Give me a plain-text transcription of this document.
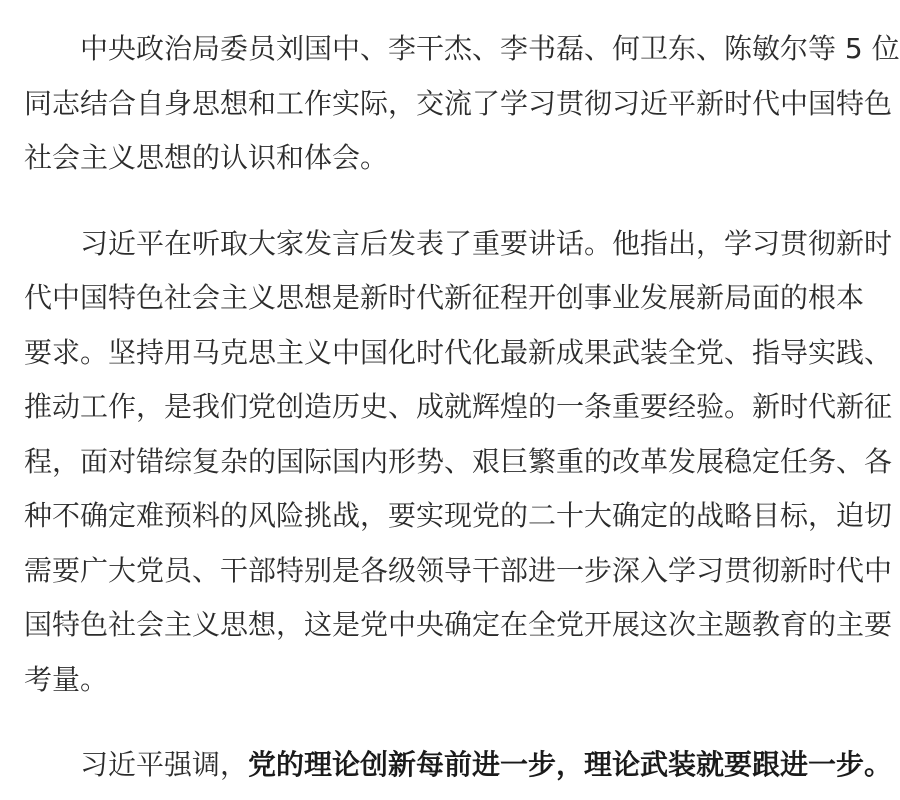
​
中央政治局委员刘国中、李干杰、李书磊、何卫东、陈敏尔等 5 位
同志结合自身思想和工作实际，交流了学习贯彻习近平新时代中国特色
社会主义思想的认识和体会。
习近平在听取大家发言后发表了重要讲话。他指出，学习贯彻新时
代中国特色社会主义思想是新时代新征程开创事业发展新局面的根本
要求。坚持用马克思主义中国化时代化最新成果武装全党、指导实践、
推动工作，是我们党创造历史、成就辉煌的一条重要经验。新时代新征
程，面对错综复杂的国际国内形势、艰巨繁重的改革发展稳定任务、各
种不确定难预料的风险挑战，要实现党的二十大确定的战略目标，迫切
需要广大党员、干部特别是各级领导干部进一步深入学习贯彻新时代中
国特色社会主义思想，这是党中央确定在全党开展这次主题教育的主要
考量。
习近平强调，党的理论创新每前进一步，理论武装就要跟进一步。
